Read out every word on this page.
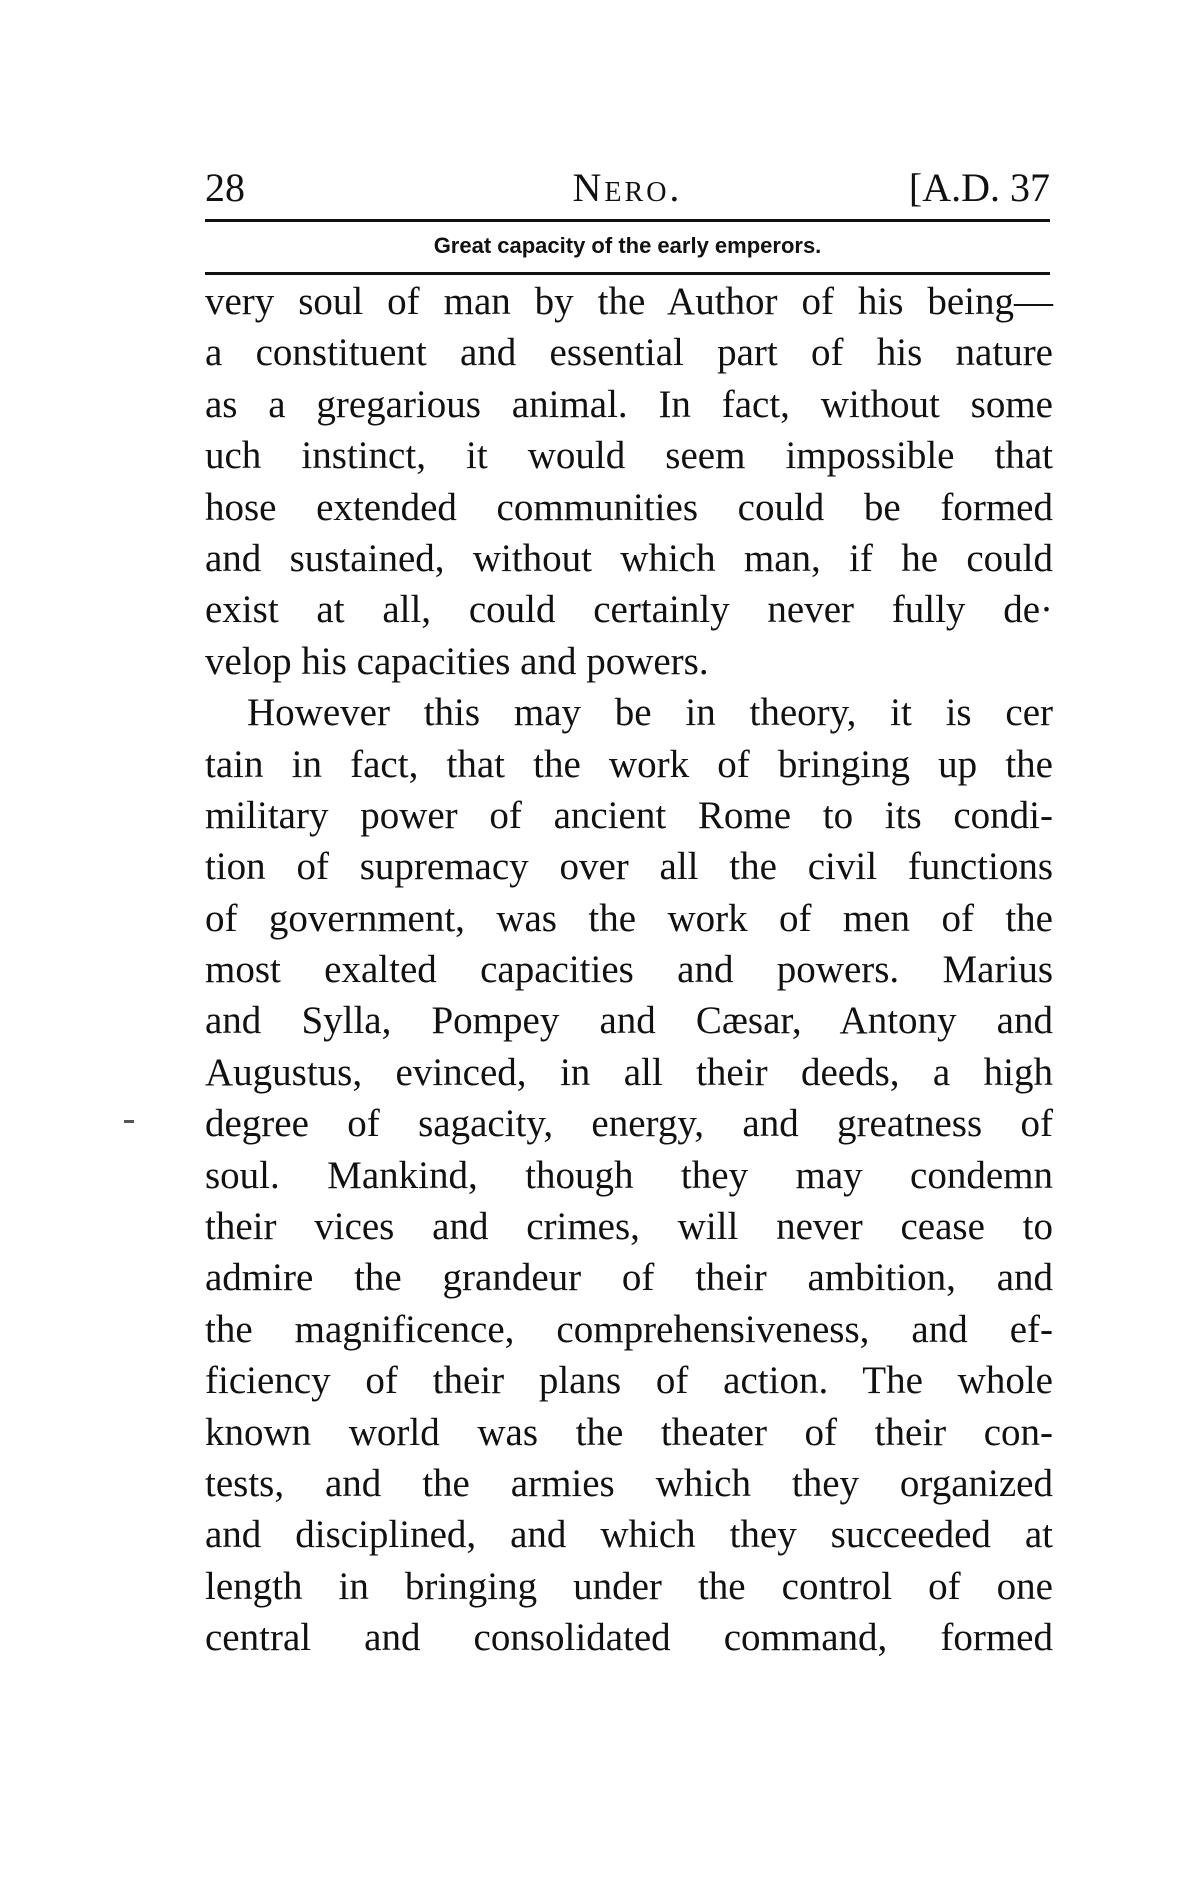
28	Nero.	[A.D. 37
Great capacity of the early emperors.
very soul of man by the Author of his being—
a constituent and essential part of his nature
as a gregarious animal. In fact, without some
uch instinct, it would seem impossible that
hose extended communities could be formed
and sustained, without which man, if he could
exist at all, could certainly never fully de·
velop his capacities and powers.
However this may be in theory, it is cer
tain in fact, that the work of bringing up the
military power of ancient Rome to its condi-
tion of supremacy over all the civil functions
of government, was the work of men of the
most exalted capacities and powers. Marius
and Sylla, Pompey and Cæsar, Antony and
Augustus, evinced, in all their deeds, a high
degree of sagacity, energy, and greatness of
soul. Mankind, though they may condemn
their vices and crimes, will never cease to
admire the grandeur of their ambition, and
the magnificence, comprehensiveness, and ef-
ficiency of their plans of action. The whole
known world was the theater of their con-
tests, and the armies which they organized
and disciplined, and which they succeeded at
length in bringing under the control of one
central and consolidated command, formed
